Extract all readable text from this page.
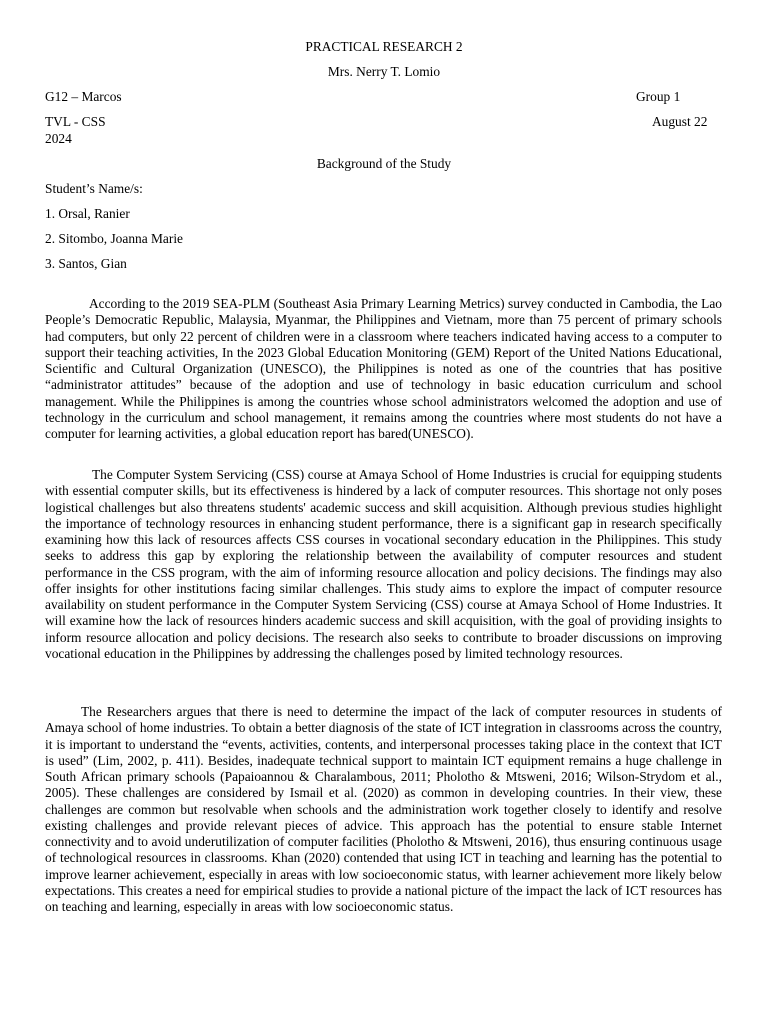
PRACTICAL RESEARCH 2
Mrs. Nerry T. Lomio
G12 – Marcos	Group 1
TVL - CSS	August 22
2024
Background of the Study
Student’s Name/s:
1. Orsal, Ranier
2. Sitombo, Joanna Marie
3. Santos, Gian

According to the 2019 SEA-PLM (Southeast Asia Primary Learning Metrics) survey conducted in Cambodia, the Lao People’s Democratic Republic, Malaysia, Myanmar, the Philippines and Vietnam, more than 75 percent of primary schools had computers, but only 22 percent of children were in a classroom where teachers indicated having access to a computer to support their teaching activities, In the 2023 Global Education Monitoring (GEM) Report of the United Nations Educational, Scientific and Cultural Organization (UNESCO), the Philippines is noted as one of the countries that has positive “administrator attitudes” because of the adoption and use of technology in basic education curriculum and school management. While the Philippines is among the countries whose school administrators welcomed the adoption and use of technology in the curriculum and school management, it remains among the countries where most students do not have a computer for learning activities, a global education report has bared(UNESCO).

The Computer System Servicing (CSS) course at Amaya School of Home Industries is crucial for equipping students with essential computer skills, but its effectiveness is hindered by a lack of computer resources. This shortage not only poses logistical challenges but also threatens students' academic success and skill acquisition. Although previous studies highlight the importance of technology resources in enhancing student performance, there is a significant gap in research specifically examining how this lack of resources affects CSS courses in vocational secondary education in the Philippines. This study seeks to address this gap by exploring the relationship between the availability of computer resources and student performance in the CSS program, with the aim of informing resource allocation and policy decisions. The findings may also offer insights for other institutions facing similar challenges. This study aims to explore the impact of computer resource availability on student performance in the Computer System Servicing (CSS) course at Amaya School of Home Industries. It will examine how the lack of resources hinders academic success and skill acquisition, with the goal of providing insights to inform resource allocation and policy decisions. The research also seeks to contribute to broader discussions on improving vocational education in the Philippines by addressing the challenges posed by limited technology resources.

The Researchers argues that there is need to determine the impact of the lack of computer resources in students of Amaya school of home industries. To obtain a better diagnosis of the state of ICT integration in classrooms across the country, it is important to understand the “events, activities, contents, and interpersonal processes taking place in the context that ICT is used” (Lim, 2002, p. 411). Besides, inadequate technical support to maintain ICT equipment remains a huge challenge in South African primary schools (Papaioannou & Charalambous, 2011; Pholotho & Mtsweni, 2016; Wilson-Strydom et al., 2005). These challenges are considered by Ismail et al. (2020) as common in developing countries. In their view, these challenges are common but resolvable when schools and the administration work together closely to identify and resolve existing challenges and provide relevant pieces of advice. This approach has the potential to ensure stable Internet connectivity and to avoid underutilization of computer facilities (Pholotho & Mtsweni, 2016), thus ensuring continuous usage of technological resources in classrooms. Khan (2020) contended that using ICT in teaching and learning has the potential to improve learner achievement, especially in areas with low socioeconomic status, with learner achievement more likely below expectations. This creates a need for empirical studies to provide a national picture of the impact the lack of ICT resources has on teaching and learning, especially in areas with low socioeconomic status.
